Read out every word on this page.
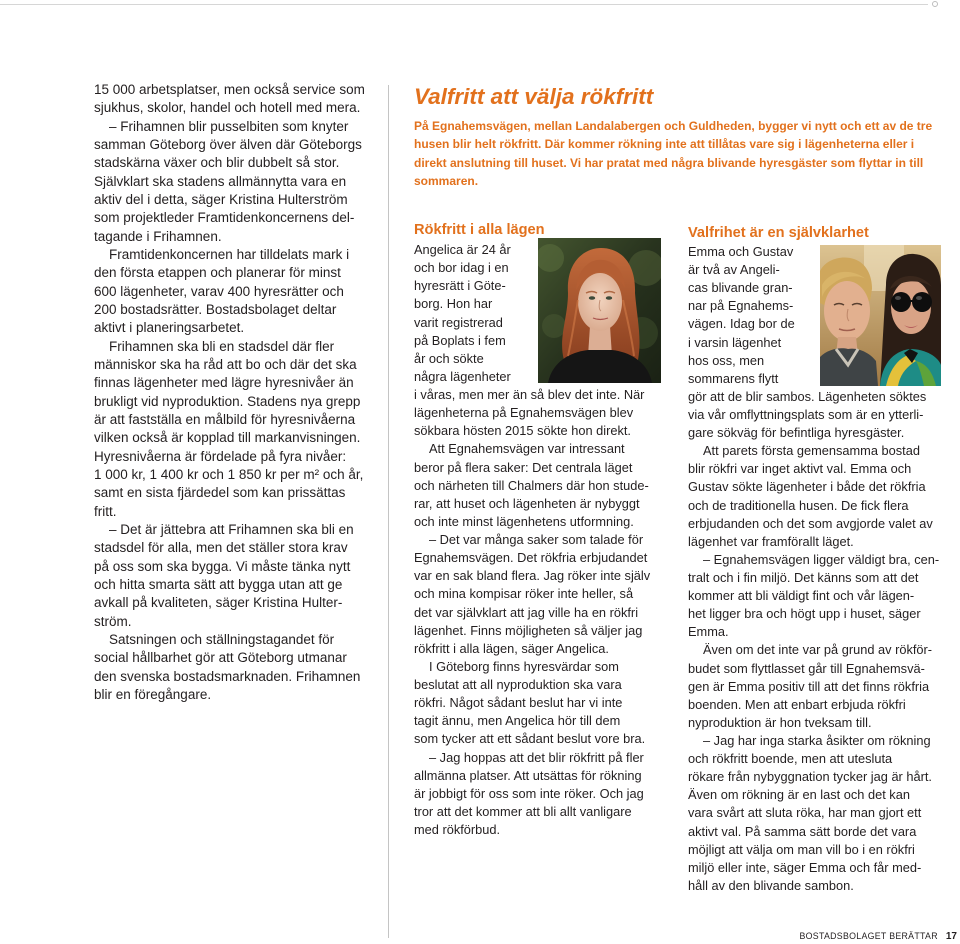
15 000 arbetsplatser, men också service som
sjukhus, skolor, handel och hotell med mera.
– Frihamnen blir pusselbiten som knyter
samman Göteborg över älven där Göteborgs
stadskärna växer och blir dubbelt så stor.
Självklart ska stadens allmännytta vara en
aktiv del i detta, säger Kristina Hulterström
som projektleder Framtidenkoncernens del-
tagande i Frihamnen.
Framtidenkoncernen har tilldelats mark i
den första etappen och planerar för minst
600 lägenheter, varav 400 hyresrätter och
200 bostadsrätter. Bostadsbolaget deltar
aktivt i planeringsarbetet.
Frihamnen ska bli en stadsdel där fler
människor ska ha råd att bo och där det ska
finnas lägenheter med lägre hyresnivåer än
brukligt vid nyproduktion. Stadens nya grepp
är att fastställa en målbild för hyresnivåerna
vilken också är kopplad till markanvisningen.
Hyresnivåerna är fördelade på fyra nivåer:
1 000 kr, 1 400 kr och 1 850 kr per m² och år,
samt en sista fjärdedel som kan prissättas
fritt.
– Det är jättebra att Frihamnen ska bli en
stadsdel för alla, men det ställer stora krav
på oss som ska bygga. Vi måste tänka nytt
och hitta smarta sätt att bygga utan att ge
avkall på kvaliteten, säger Kristina Hulter-
ström.
Satsningen och ställningstagandet för
social hållbarhet gör att Göteborg utmanar
den svenska bostadsmarknaden. Frihamnen
blir en föregångare.
Valfritt att välja rökfritt
På Egnahemsvägen, mellan Landalabergen och Guldheden, bygger vi nytt och ett av de tre
husen blir helt rökfritt. Där kommer rökning inte att tillåtas vare sig i lägenheterna eller i
direkt anslutning till huset. Vi har pratat med några blivande hyresgäster som flyttar in till
sommaren.
Rökfritt i alla lägen
Angelica är 24 år
och bor idag i en
hyresrätt i Göte-
borg. Hon har
varit registrerad
på Boplats i fem
år och sökte
några lägenheter
i våras, men mer än så blev det inte. När
lägenheterna på Egnahemsvägen blev
sökbara hösten 2015 sökte hon direkt.
Att Egnahemsvägen var intressant
beror på flera saker: Det centrala läget
och närheten till Chalmers där hon stude-
rar, att huset och lägenheten är nybyggt
och inte minst lägenhetens utformning.
– Det var många saker som talade för
Egnahemsvägen. Det rökfria erbjudandet
var en sak bland flera. Jag röker inte själv
och mina kompisar röker inte heller, så
det var självklart att jag ville ha en rökfri
lägenhet. Finns möjligheten så väljer jag
rökfritt i alla lägen, säger Angelica.
I Göteborg finns hyresvärdar som
beslutat att all nyproduktion ska vara
rökfri. Något sådant beslut har vi inte
tagit ännu, men Angelica hör till dem
som tycker att ett sådant beslut vore bra.
– Jag hoppas att det blir rökfritt på fler
allmänna platser. Att utsättas för rökning
är jobbigt för oss som inte röker. Och jag
tror att det kommer att bli allt vanligare
med rökförbud.
Valfrihet är en självklarhet
Emma och Gustav
är två av Angeli-
cas blivande gran-
nar på Egnahems-
vägen. Idag bor de
i varsin lägenhet
hos oss, men
sommarens flytt
gör att de blir sambos. Lägenheten söktes
via vår omflyttningsplats som är en ytterli-
gare sökväg för befintliga hyresgäster.
Att parets första gemensamma bostad
blir rökfri var inget aktivt val. Emma och
Gustav sökte lägenheter i både det rökfria
och de traditionella husen. De fick flera
erbjudanden och det som avgjorde valet av
lägenhet var framförallt läget.
– Egnahemsvägen ligger väldigt bra, cen-
tralt och i fin miljö. Det känns som att det
kommer att bli väldigt fint och vår lägen-
het ligger bra och högt upp i huset, säger
Emma.
Även om det inte var på grund av rökför-
budet som flyttlasset går till Egnahemsvä-
gen är Emma positiv till att det finns rökfria
boenden. Men att enbart erbjuda rökfri
nyproduktion är hon tveksam till.
– Jag har inga starka åsikter om rökning
och rökfritt boende, men att utesluta
rökare från nybyggnation tycker jag är hårt.
Även om rökning är en last och det kan
vara svårt att sluta röka, har man gjort ett
aktivt val. På samma sätt borde det vara
möjligt att välja om man vill bo i en rökfri
miljö eller inte, säger Emma och får med-
håll av den blivande sambon.
BOSTADSBOLAGET BERÄTTAR 17
